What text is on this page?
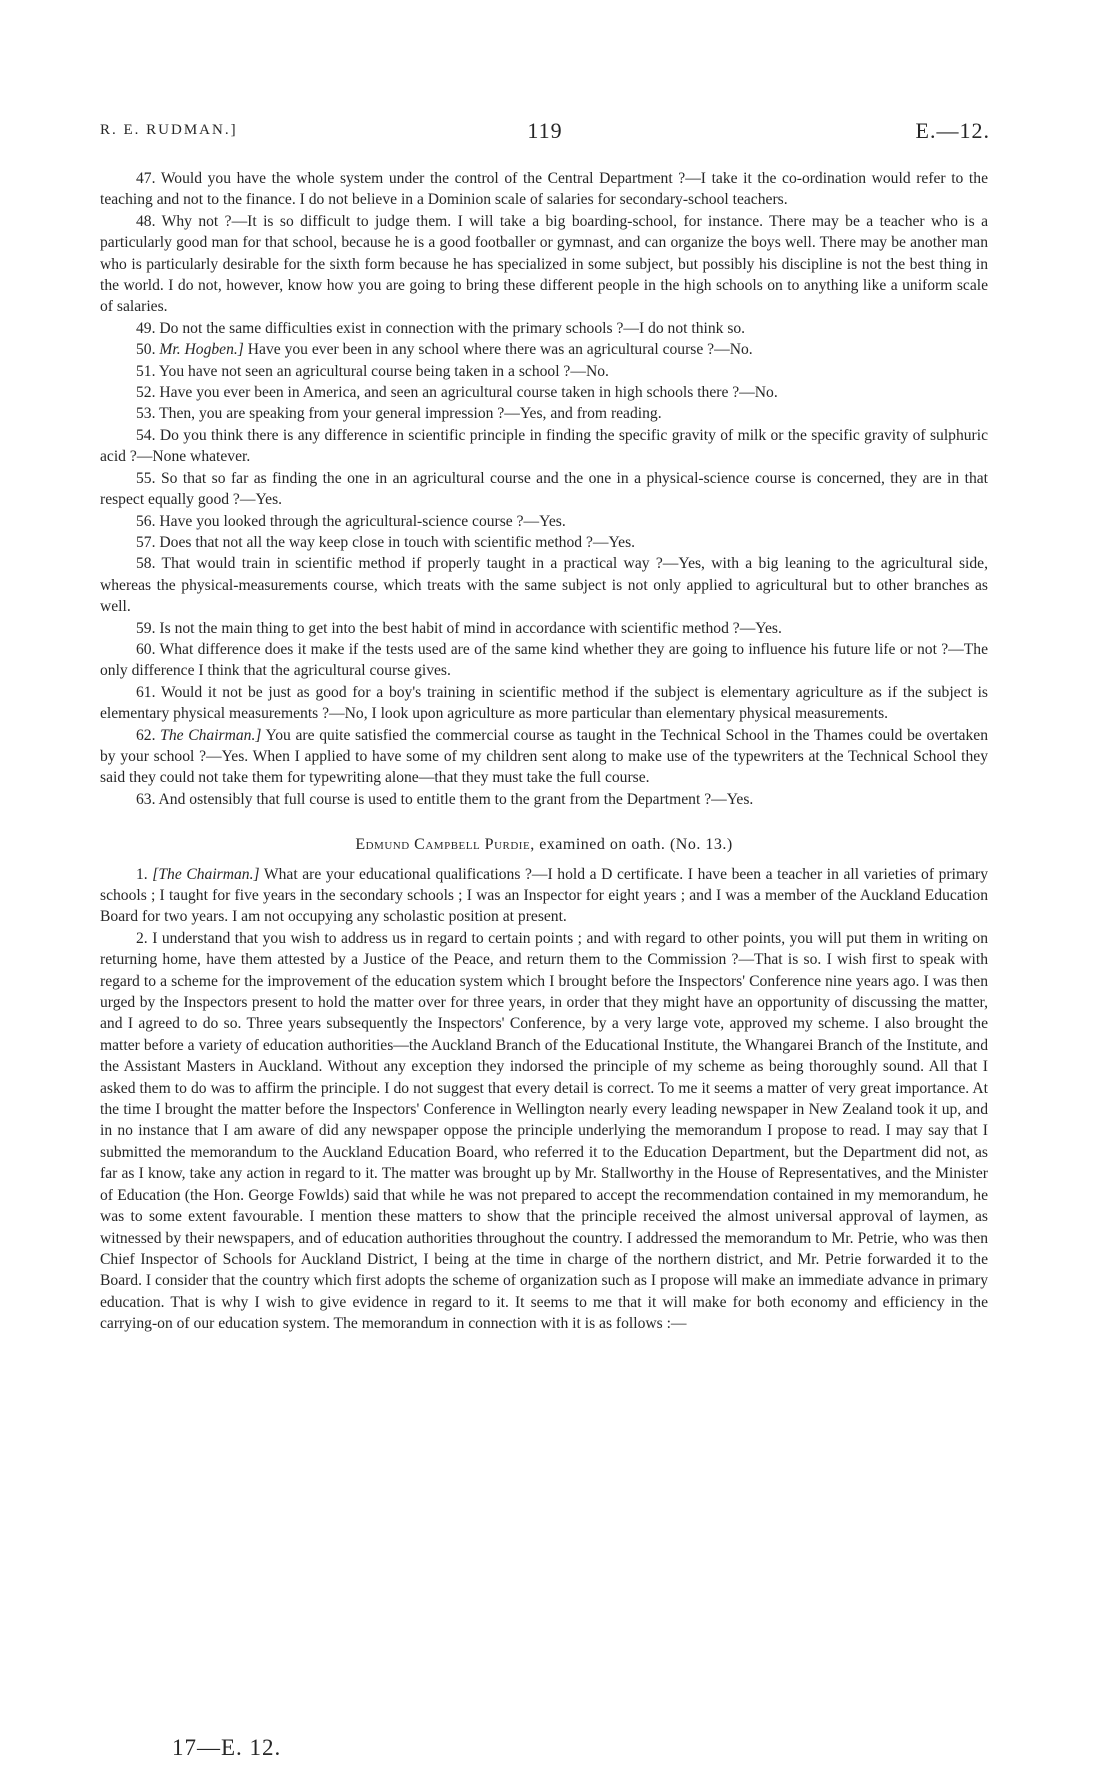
R. E. RUDMAN.]	119	E.—12.

47. Would you have the whole system under the control of the Central Department ?—I take it the co-ordination would refer to the teaching and not to the finance. I do not believe in a Dominion scale of salaries for secondary-school teachers.

48. Why not ?—It is so difficult to judge them. I will take a big boarding-school, for instance. There may be a teacher who is a particularly good man for that school, because he is a good footballer or gymnast, and can organize the boys well. There may be another man who is particularly desirable for the sixth form because he has specialized in some subject, but possibly his discipline is not the best thing in the world. I do not, however, know how you are going to bring these different people in the high schools on to anything like a uniform scale of salaries.

49. Do not the same difficulties exist in connection with the primary schools ?—I do not think so.

50. Mr. Hogben.] Have you ever been in any school where there was an agricultural course ?—No.

51. You have not seen an agricultural course being taken in a school ?—No.

52. Have you ever been in America, and seen an agricultural course taken in high schools there ?—No.

53. Then, you are speaking from your general impression ?—Yes, and from reading.

54. Do you think there is any difference in scientific principle in finding the specific gravity of milk or the specific gravity of sulphuric acid ?—None whatever.

55. So that so far as finding the one in an agricultural course and the one in a physical-science course is concerned, they are in that respect equally good ?—Yes.

56. Have you looked through the agricultural-science course ?—Yes.

57. Does that not all the way keep close in touch with scientific method ?—Yes.

58. That would train in scientific method if properly taught in a practical way ?—Yes, with a big leaning to the agricultural side, whereas the physical-measurements course, which treats with the same subject is not only applied to agricultural but to other branches as well.

59. Is not the main thing to get into the best habit of mind in accordance with scientific method ?—Yes.

60. What difference does it make if the tests used are of the same kind whether they are going to influence his future life or not ?—The only difference I think that the agricultural course gives.

61. Would it not be just as good for a boy's training in scientific method if the subject is elementary agriculture as if the subject is elementary physical measurements ?—No, I look upon agriculture as more particular than elementary physical measurements.

62. The Chairman.] You are quite satisfied the commercial course as taught in the Technical School in the Thames could be overtaken by your school ?—Yes. When I applied to have some of my children sent along to make use of the typewriters at the Technical School they said they could not take them for typewriting alone—that they must take the full course.

63. And ostensibly that full course is used to entitle them to the grant from the Department ?—Yes.

Edmund Campbell Purdie, examined on oath. (No. 13.)

1. [The Chairman.] What are your educational qualifications ?—I hold a D certificate. I have been a teacher in all varieties of primary schools ; I taught for five years in the secondary schools ; I was an Inspector for eight years ; and I was a member of the Auckland Education Board for two years. I am not occupying any scholastic position at present.

2. I understand that you wish to address us in regard to certain points ; and with regard to other points, you will put them in writing on returning home, have them attested by a Justice of the Peace, and return them to the Commission ?—That is so. I wish first to speak with regard to a scheme for the improvement of the education system which I brought before the Inspectors' Conference nine years ago. I was then urged by the Inspectors present to hold the matter over for three years, in order that they might have an opportunity of discussing the matter, and I agreed to do so. Three years subsequently the Inspectors' Conference, by a very large vote, approved my scheme. I also brought the matter before a variety of education authorities—the Auckland Branch of the Educational Institute, the Whangarei Branch of the Institute, and the Assistant Masters in Auckland. Without any exception they indorsed the principle of my scheme as being thoroughly sound. All that I asked them to do was to affirm the principle. I do not suggest that every detail is correct. To me it seems a matter of very great importance. At the time I brought the matter before the Inspectors' Conference in Wellington nearly every leading newspaper in New Zealand took it up, and in no instance that I am aware of did any newspaper oppose the principle underlying the memorandum I propose to read. I may say that I submitted the memorandum to the Auckland Education Board, who referred it to the Education Department, but the Department did not, as far as I know, take any action in regard to it. The matter was brought up by Mr. Stallworthy in the House of Representatives, and the Minister of Education (the Hon. George Fowlds) said that while he was not prepared to accept the recommendation contained in my memorandum, he was to some extent favourable. I mention these matters to show that the principle received the almost universal approval of laymen, as witnessed by their newspapers, and of education authorities throughout the country. I addressed the memorandum to Mr. Petrie, who was then Chief Inspector of Schools for Auckland District, I being at the time in charge of the northern district, and Mr. Petrie forwarded it to the Board. I consider that the country which first adopts the scheme of organization such as I propose will make an immediate advance in primary education. That is why I wish to give evidence in regard to it. It seems to me that it will make for both economy and efficiency in the carrying-on of our education system. The memorandum in connection with it is as follows :—

17—E. 12.
